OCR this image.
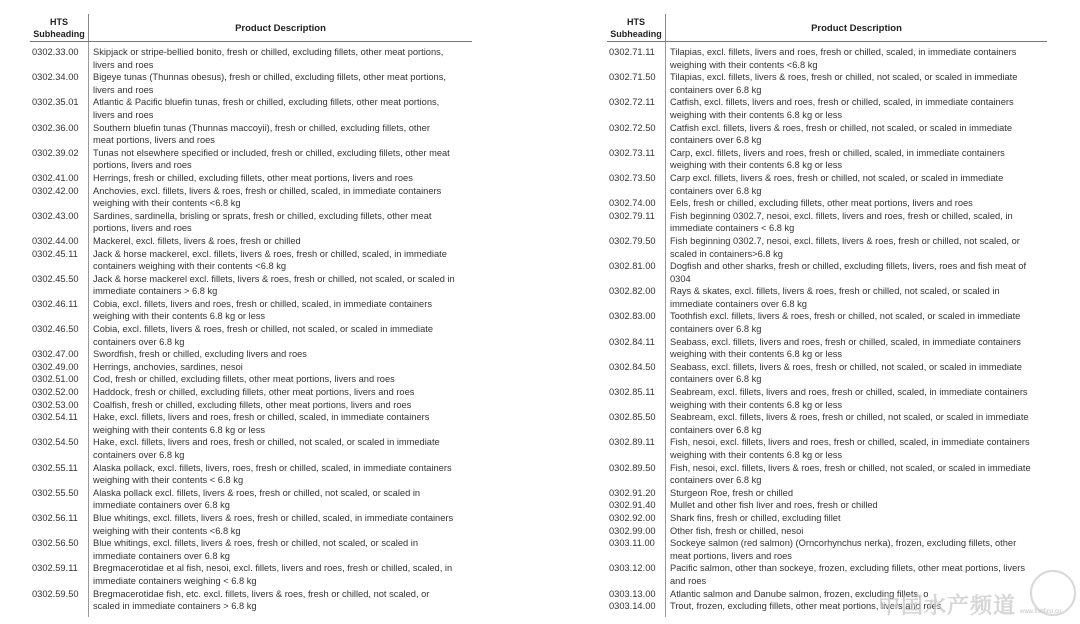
HTS
Subheading	Product Description
0302.33.00	Skipjack or stripe-bellied bonito, fresh or chilled, excluding fillets, other meat portions,
livers and roes
0302.34.00	Bigeye tunas (Thunnas obesus), fresh or chilled, excluding fillets, other meat portions,
livers and roes
0302.35.01	Atlantic & Pacific bluefin tunas, fresh or chilled, excluding fillets, other meat portions,
livers and roes
0302.36.00	Southern bluefin tunas (Thunnas maccoyii), fresh or chilled, excluding fillets, other
meat portions, livers and roes
0302.39.02	Tunas not elsewhere specified or included, fresh or chilled, excluding fillets, other meat
portions, livers and roes
0302.41.00	Herrings, fresh or chilled, excluding fillets, other meat portions, livers and roes
0302.42.00	Anchovies, excl. fillets, livers & roes, fresh or chilled, scaled, in immediate containers
weighing with their contents <6.8 kg
0302.43.00	Sardines, sardinella, brisling or sprats, fresh or chilled, excluding fillets, other meat
portions, livers and roes
0302.44.00	Mackerel, excl. fillets, livers & roes, fresh or chilled
0302.45.11	Jack & horse mackerel, excl. fillets, livers & roes, fresh or chilled, scaled, in immediate
containers weighing with their contents <6.8 kg
0302.45.50	Jack & horse mackerel excl. fillets, livers & roes, fresh or chilled, not scaled, or scaled in
immediate containers > 6.8 kg
0302.46.11	Cobia, excl. fillets, livers and roes, fresh or chilled, scaled, in immediate containers
weighing with their contents 6.8 kg or less
0302.46.50	Cobia, excl. fillets, livers & roes, fresh or chilled, not scaled, or scaled in immediate
containers over 6.8 kg
0302.47.00	Swordfish, fresh or chilled, excluding livers and roes
0302.49.00	Herrings, anchovies, sardines, nesoi
0302.51.00	Cod, fresh or chilled, excluding fillets, other meat portions, livers and roes
0302.52.00	Haddock, fresh or chilled, excluding fillets, other meat portions, livers and roes
0302.53.00	Coalfish, fresh or chilled, excluding fillets, other meat portions, livers and roes
0302.54.11	Hake, excl. fillets, livers and roes, fresh or chilled, scaled, in immediate containers
weighing with their contents 6.8 kg or less
0302.54.50	Hake, excl. fillets, livers and roes, fresh or chilled, not scaled, or scaled in immediate
containers over 6.8 kg
0302.55.11	Alaska pollack, excl. fillets, livers, roes, fresh or chilled, scaled, in immediate containers
weighing with their contents < 6.8 kg
0302.55.50	Alaska pollack excl. fillets, livers & roes, fresh or chilled, not scaled, or scaled in
immediate containers over 6.8 kg
0302.56.11	Blue whitings, excl. fillets, livers & roes, fresh or chilled, scaled, in immediate containers
weighing with their contents <6.8 kg
0302.56.50	Blue whitings, excl. fillets, livers & roes, fresh or chilled, not scaled, or scaled in
immediate containers over 6.8 kg
0302.59.11	Bregmacerotidae et al fish, nesoi, excl. fillets, livers and roes, fresh or chilled, scaled, in
immediate containers weighing < 6.8 kg
0302.59.50	Bregmacerotidae fish, etc. excl. fillets, livers & roes, fresh or chilled, not scaled, or
scaled in immediate containers > 6.8 kg
HTS
Subheading	Product Description
0302.71.11	Tilapias, excl. fillets, livers and roes, fresh or chilled, scaled, in immediate containers
weighing with their contents <6.8 kg
0302.71.50	Tilapias, excl. fillets, livers & roes, fresh or chilled, not scaled, or scaled in immediate
containers over 6.8 kg
0302.72.11	Catfish, excl. fillets, livers and roes, fresh or chilled, scaled, in immediate containers
weighing with their contents 6.8 kg or less
0302.72.50	Catfish excl. fillets, livers & roes, fresh or chilled, not scaled, or scaled in immediate
containers over 6.8 kg
0302.73.11	Carp, excl. fillets, livers and roes, fresh or chilled, scaled, in immediate containers
weighing with their contents 6.8 kg or less
0302.73.50	Carp excl. fillets, livers & roes, fresh or chilled, not scaled, or scaled in immediate
containers over 6.8 kg
0302.74.00	Eels, fresh or chilled, excluding fillets, other meat portions, livers and roes
0302.79.11	Fish beginning 0302.7, nesoi, excl. fillets, livers and roes, fresh or chilled, scaled, in
immediate containers < 6.8 kg
0302.79.50	Fish beginning 0302.7, nesoi, excl. fillets, livers & roes, fresh or chilled, not scaled, or
scaled in containers>6.8 kg
0302.81.00	Dogfish and other sharks, fresh or chilled, excluding fillets, livers, roes and fish meat of
0304
0302.82.00	Rays & skates, excl. fillets, livers & roes, fresh or chilled, not scaled, or scaled in
immediate containers over 6.8 kg
0302.83.00	Toothfish excl. fillets, livers & roes, fresh or chilled, not scaled, or scaled in immediate
containers over 6.8 kg
0302.84.11	Seabass, excl. fillets, livers and roes, fresh or chilled, scaled, in immediate containers
weighing with their contents 6.8 kg or less
0302.84.50	Seabass, excl. fillets, livers & roes, fresh or chilled, not scaled, or scaled in immediate
containers over 6.8 kg
0302.85.11	Seabream, excl. fillets, livers and roes, fresh or chilled, scaled, in immediate containers
weighing with their contents 6.8 kg or less
0302.85.50	Seabream, excl. fillets, livers & roes, fresh or chilled, not scaled, or scaled in immediate
containers over 6.8 kg
0302.89.11	Fish, nesoi, excl. fillets, livers and roes, fresh or chilled, scaled, in immediate containers
weighing with their contents 6.8 kg or less
0302.89.50	Fish, nesoi, excl. fillets, livers & roes, fresh or chilled, not scaled, or scaled in immediate
containers over 6.8 kg
0302.91.20	Sturgeon Roe, fresh or chilled
0302.91.40	Mullet and other fish liver and roes, fresh or chilled
0302.92.00	Shark fins, fresh or chilled, excluding fillet
0302.99.00	Other fish, fresh or chilled, nesoi
0303.11.00	Sockeye salmon (red salmon) (Orncorhynchus nerka), frozen, excluding fillets, other
meat portions, livers and roes
0303.12.00	Pacific salmon, other than sockeye, frozen, excluding fillets, other meat portions, livers
and roes
0303.13.00	Atlantic salmon and Danube salmon, frozen, excluding fillets, o
0303.14.00	Trout, frozen, excluding fillets, other meat portions, livers and roes
中国水产频道 www.fishfirst.cn
